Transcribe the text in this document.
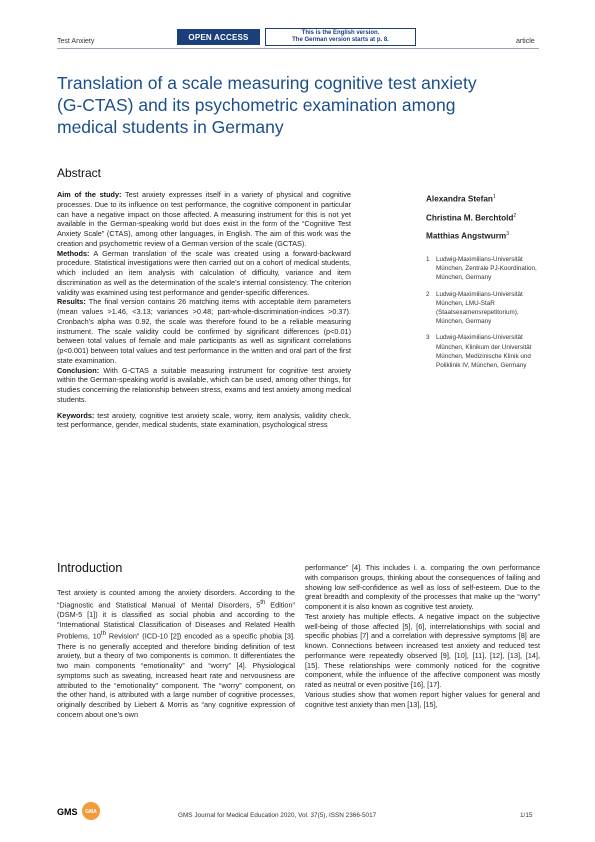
Test Anxiety	OPEN ACCESS	This is the English version.
The German version starts at p. 8.	article
Translation of a scale measuring cognitive test anxiety (G-CTAS) and its psychometric examination among medical students in Germany
Abstract

Aim of the study: Test anxiety expresses itself in a variety of physical and cognitive processes. Due to its influence on test performance, the cognitive component in particular can have a negative impact on those affected. A measuring instrument for this is not yet available in the German-speaking world but does exist in the form of the “Cognitive Test Anxiety Scale” (CTAS), among other languages, in English. The aim of this work was the creation and psychometric review of a German version of the scale (GCTAS).

Methods: A German translation of the scale was created using a forward-backward procedure. Statistical investigations were then carried out on a cohort of medical students, which included an item analysis with calculation of difficulty, variance and item discrimination as well as the determination of the scale’s internal consistency. The criterion validity was examined using test performance and gender-specific differences.

Results: The final version contains 26 matching items with acceptable item parameters (mean values >1.46, <3.13; variances >0.48; part-whole-discrimination-indices >0.37). Cronbach’s alpha was 0.92, the scale was therefore found to be a reliable measuring instrument. The scale validity could be confirmed by significant differences (p<0.01) between total values of female and male participants as well as significant correlations (p<0.001) between total values and test performance in the written and oral part of the first state examination.

Conclusion: With G-CTAS a suitable measuring instrument for cognitive test anxiety within the German-speaking world is available, which can be used, among other things, for studies concerning the relationship between stress, exams and test anxiety among medical students.

Keywords: test anxiety, cognitive test anxiety scale, worry, item analysis, validity check, test performance, gender, medical students, state examination, psychological stress

Alexandra Stefan$^1$
Christina M. Berchtold$^2$
Matthias Angstwurm$^3$
1	Ludwig-Maximilians-Universität München, Zentrale PJ-Koordination, München, Germany
2	Ludwig-Maximilians-Universität München, LMU-StaR (Staatsexamensrepetitorium), München, Germany
3	Ludwig-Maximilians-Universität München, Klinikum der Universität München, Medizinische Klinik und Poliklinik IV, München, Germany
Introduction

Test anxiety is counted among the anxiety disorders. According to the “Diagnostic and Statistical Manual of Mental Disorders, 5th Edition” (DSM-5 [1]) it is classified as social phobia and according to the “International Statistical Classification of Diseases and Related Health Problems, 10th Revision” (ICD-10 [2]) encoded as a specific phobia [3]. There is no generally accepted and therefore binding definition of test anxiety, but a theory of two components is common. It differentiates the two main components “emotionality” and “worry” [4]. Physiological symptoms such as sweating, increased heart rate and nervousness are attributed to the “emotionality” component. The “worry” component, on the other hand, is attributed with a large number of cognitive processes, originally described by Liebert & Morris as “any cognitive expression of concern about one’s own

performance” [4]. This includes i. a. comparing the own performance with comparison groups, thinking about the consequences of failing and showing low self-confidence as well as loss of self-esteem. Due to the great breadth and complexity of the processes that make up the “worry” component it is also known as cognitive test anxiety.

Test anxiety has multiple effects. A negative impact on the subjective well-being of those affected [5], [6], interrelationships with social and specific phobias [7] and a correlation with depressive symptoms [8] are known. Connections between increased test anxiety and reduced test performance were repeatedly observed [9], [10], [11], [12], [13], [14], [15]. These relationships were commonly noticed for the cognitive component, while the influence of the affective component was mostly rated as neutral or even positive [16], [17].

Various studies show that women report higher values for general and cognitive test anxiety than men [13], [15],

GMS GMA	GMS Journal for Medical Education 2020, Vol. 37(5), ISSN 2366-5017	1/15
